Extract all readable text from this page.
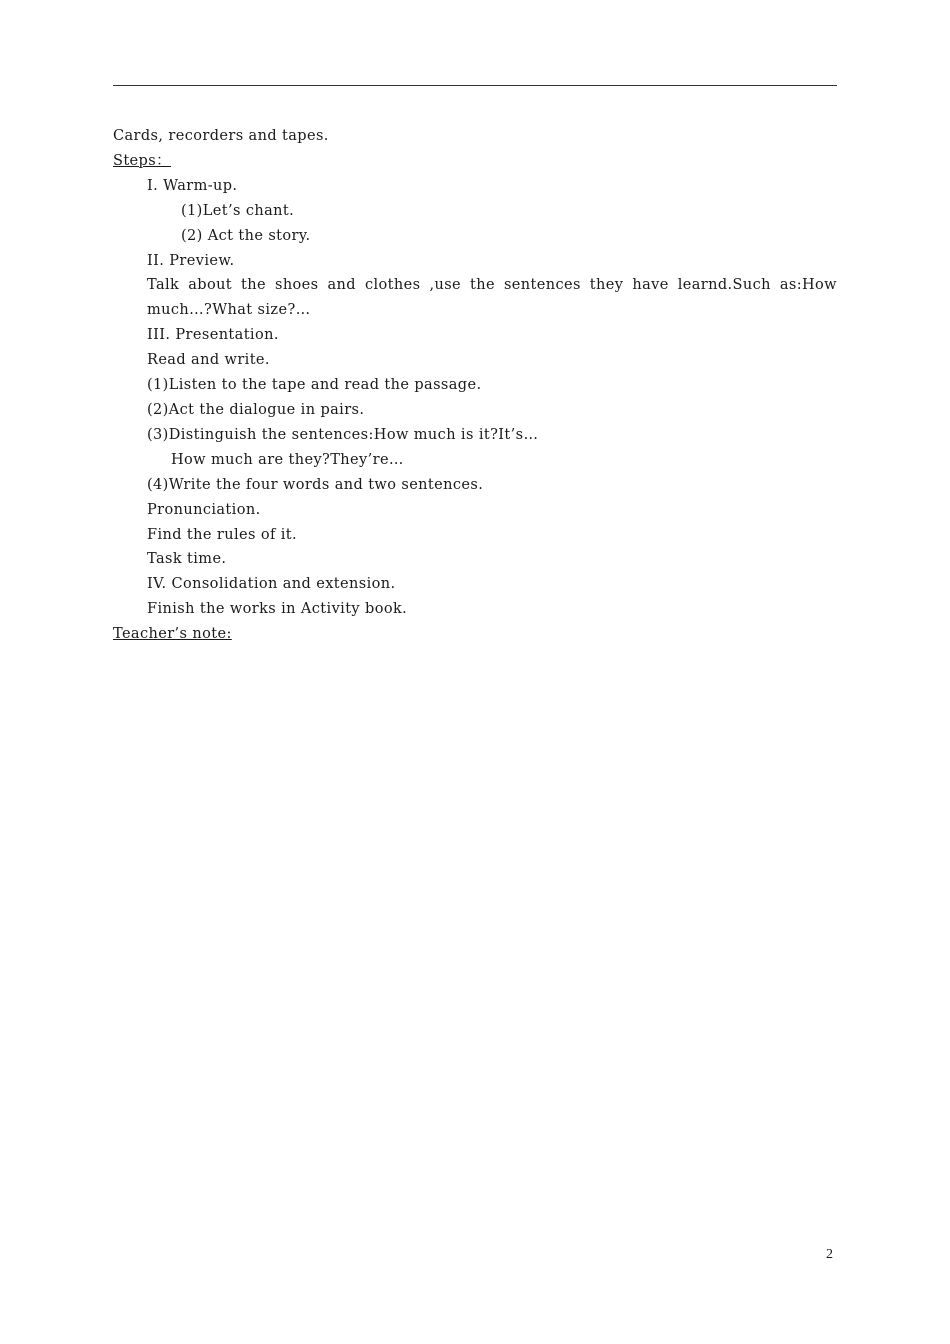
Cards, recorders and tapes.
Steps：
I. Warm-up.
(1)Let’s chant.
(2) Act the story.
II. Preview.
Talk about the shoes and clothes ,use the sentences they have learnd.Such as:How much…?What size?…
III. Presentation.
Read and write.
(1)Listen to the tape and read the passage.
(2)Act the dialogue in pairs.
(3)Distinguish the sentences:How much is it?It’s…
How much are they?They’re…
(4)Write the four words and two sentences.
Pronunciation.
Find the rules of it.
Task time.
IV. Consolidation and extension.
Finish the works in Activity book.
Teacher’s note:
2
